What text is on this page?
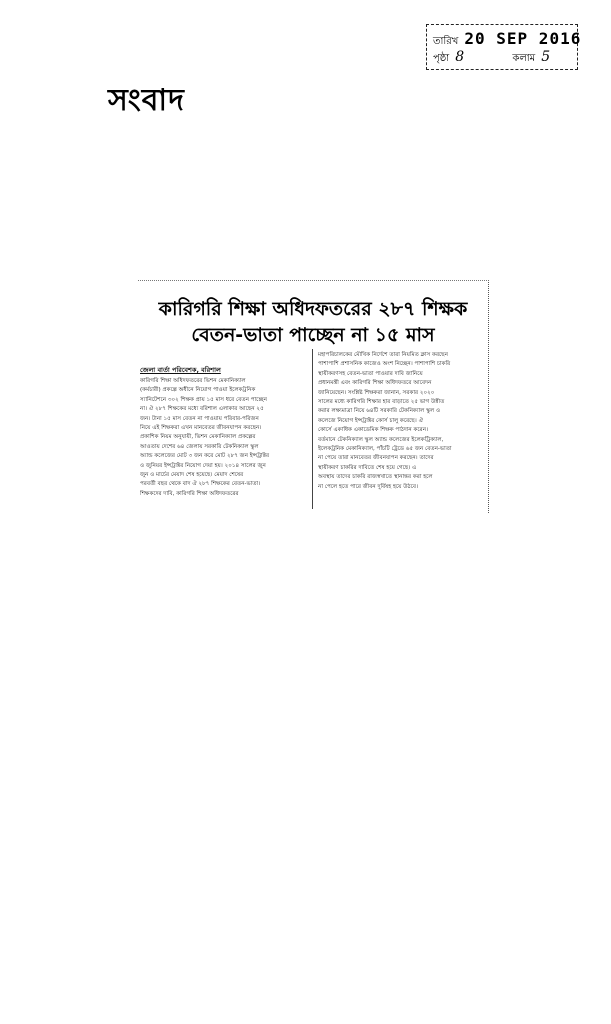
সংবাদ
তারিখ 20 SEP 2016
পৃষ্ঠা 8	কলাম 5
কারিগরি শিক্ষা অধিদফতরের ২৮৭ শিক্ষক
বেতন-ভাতা পাচ্ছেন না ১৫ মাস
জেলা বার্তা পরিবেশক, বরিশাল

কারিগরি শিক্ষা অধিদফতরের ভিশন মেকানিক্যাল

(কর্মচারী) প্রকল্পে অধীনে নিয়োগ পাওয়া ইলেকট্রনিক

স্যানিটেশনে ৩০২ শিক্ষক প্রায় ১৫ মাস ধরে বেতন পাচ্ছেন

না। ঐ ২৮৭ শিক্ষকের মধ্যে বরিশাল এলাকার আছেন ২৫

জন। টানা ১৫ মাস বেতন না পাওয়ায় পরিবার-পরিজন

নিয়ে এই শিক্ষকরা এখন মানবেতর জীবনযাপন করছেন।

প্রকাশিক নিয়ম অনুযায়ী, ভিশন মেকানিক্যাল প্রকল্পের

আওতায় দেশের ৬৪ জেলায় সরকারি টেকনিক্যাল স্কুল

অ্যান্ড কলেজের মোট ৩ জন করে মোট ২৮৭ জন ইন্সট্রাক্টর

ও জুনিয়র ইন্সট্রাক্টর নিয়োগ দেয়া হয়। ২০১৪ সালের জুন

জুন ও মার্চের মেয়াদ শেষ হয়েছে। মেয়াদ শেষের

পরবর্তী বছর থেকে বাদ ঐ ২৮৭ শিক্ষকের বেতন-ভাতা।

শিক্ষকদের দাবি, কারিগরি শিক্ষা অধিদফতরের

মহাপরিচালকের মৌখিক নির্দেশে তারা নিয়মিত ক্লাস করছেন

পাশাপাশি প্রশাসনিক কাজেও অংশ নিচ্ছেন। পাশাপাশি চাকরি

স্থায়ীকরণসহ বেতন-ভাতা পাওয়ার দাবি জানিয়ে

প্রধানমন্ত্রী এবং কারিগরি শিক্ষা অধিদফতরে আবেদন

জানিয়েছেন। সংশ্লিষ্ট শিক্ষকরা জানান, সরকার ২০২০

সালের মধ্যে কারিগরি শিক্ষার হার বাড়াতে ২৫ ভাগ উন্নীত

করার লক্ষ্যমাত্রা নিয়ে ৬৪টি সরকারি টেকনিক্যাল স্কুল ও

কলেজে নিয়োগ ইন্সট্রাক্টর কোর্স চালু করেছে। ঐ

কোর্সে একাধিক একাডেমিক শিক্ষক পাঠদান করেন।

বর্তমানে টেকনিক্যাল স্কুল অ্যান্ড কলেজের ইলেকট্রিক্যাল,

ইলেকট্রনিক মেকানিক্যাল, পাঁচটি ট্রেডে ৬৫ জন বেতন-ভাতা

না পেয়ে তারা মানবেতর জীবনযাপন করছেন। তাদের

স্থায়ীকরণ চাকরির দাবিতে শেষ হয়ে গেছে। এ

অবস্থায় তাদের চাকরি রাজস্বখাতে স্থানান্তর করা হলে

না পেলে হতে পারে জীবন দুর্বিষহ হয়ে উঠবে।
